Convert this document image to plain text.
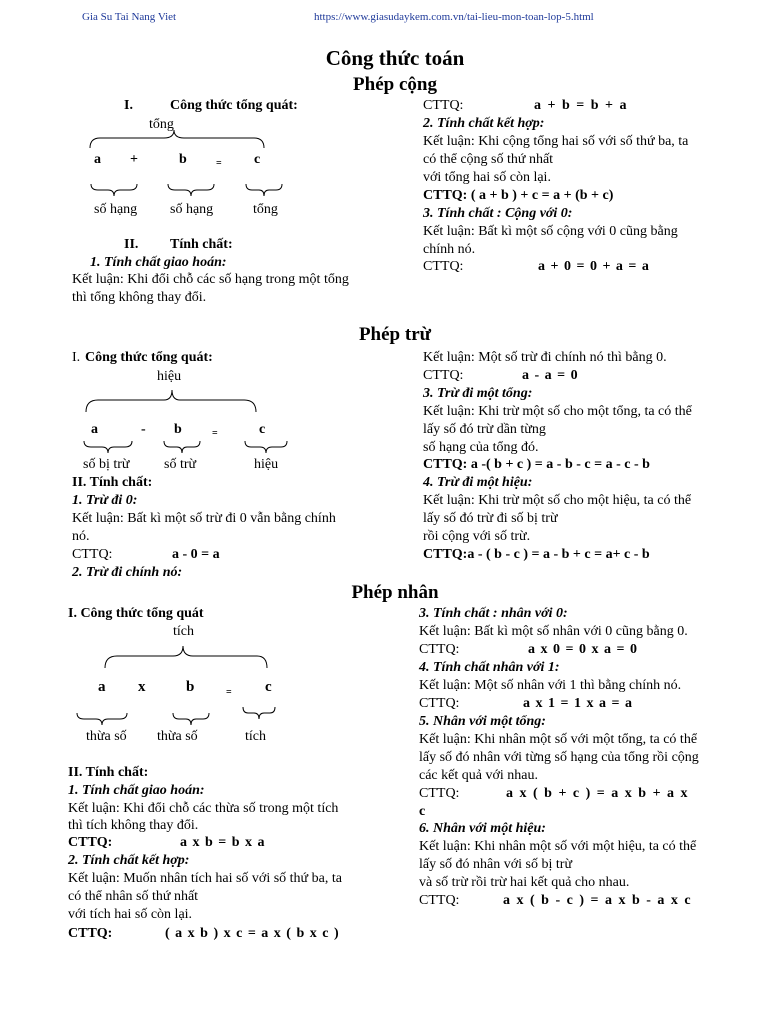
Gia Su Tai Nang Viet	https://www.giasudaykem.com.vn/tai-lieu-mon-toan-lop-5.html
Công thức toán
Phép cộng
I.	Công thức tổng quát:
tổng
a +	b	= c
số hạng số hạng	tổng
II. Tính chất:
1. Tính chất giao hoán:
Kết luận: Khi đổi chỗ các số hạng trong một tổng
thì tổng không thay đổi.
CTTQ:	a + b = b + a
2. Tính chất kết hợp:
Kết luận: Khi cộng tổng hai số với số thứ ba, ta
có thể cộng số thứ nhất
với tổng hai số còn lại.
CTTQ: ( a + b ) + c = a + (b + c)
3. Tính chất : Cộng với 0:
Kết luận: Bất kì một số cộng với 0 cũng bằng
chính nó.
CTTQ:	a + 0 = 0 + a = a
Phép trừ
I. Công thức tổng quát:
hiệu
a	- b	=	c
số bị trừ số trừ	hiệu
II. Tính chất:
1. Trừ đi 0:
Kết luận: Bất kì một số trừ đi 0 vẫn bằng chính
nó.
CTTQ:	a - 0 = a
2. Trừ đi chính nó:
Kết luận: Một số trừ đi chính nó thì bằng 0.
CTTQ:	a - a = 0
3. Trừ đi một tổng:
Kết luận: Khi trừ một số cho một tổng, ta có thể
lấy số đó trừ dần từng
số hạng của tổng đó.
CTTQ: a -( b + c ) = a - b - c = a - c - b
4. Trừ đi một hiệu:
Kết luận: Khi trừ một số cho một hiệu, ta có thể
lấy số đó trừ đi số bị trừ
rồi cộng với số trừ.
CTTQ:a - ( b - c ) = a - b + c = a+ c - b
Phép nhân
I. Công thức tổng quát
tích
a x	b	= c
thừa số thừa số	tích
II. Tính chất:
1. Tính chất giao hoán:
Kết luận: Khi đổi chỗ các thừa số trong một tích
thì tích không thay đổi.
CTTQ:	a x b = b x a
2. Tính chất kết hợp:
Kết luận: Muốn nhân tích hai số với số thứ ba, ta
có thể nhân số thứ nhất
với tích hai số còn lại.
CTTQ:	( a x b ) x c = a x ( b x c )
3. Tính chất : nhân với 0:
Kết luận: Bất kì một số nhân với 0 cũng bằng 0.
CTTQ:	a x 0 = 0 x a = 0
4. Tính chất nhân với 1:
Kết luận: Một số nhân với 1 thì bằng chính nó.
CTTQ:	a x 1 = 1 x a = a
5. Nhân với một tổng:
Kết luận: Khi nhân một số với một tổng, ta có thể
lấy số đó nhân với từng số hạng của tổng rồi cộng
các kết quả với nhau.
CTTQ:	a x ( b + c ) = a x b + a x
c
6. Nhân với một hiệu:
Kết luận: Khi nhân một số với một hiệu, ta có thể
lấy số đó nhân với số bị trừ
và số trừ rồi trừ hai kết quả cho nhau.
CTTQ:	a x ( b - c ) = a x b - a x c
